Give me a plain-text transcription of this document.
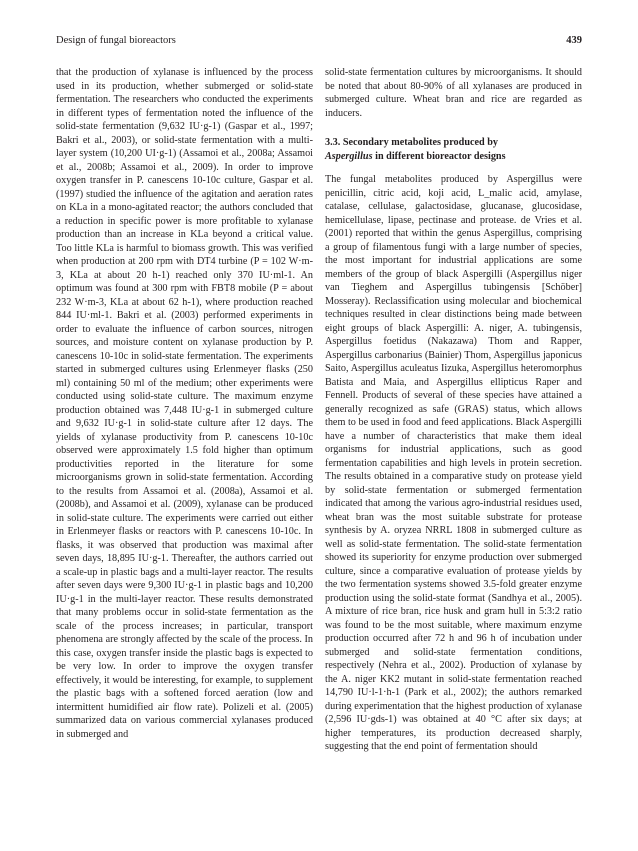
Design of fungal bioreactors	439

that the production of xylanase is influenced by the process used in its production, whether submerged or solid-state fermentation. The researchers who conducted the experiments in different types of fermentation noted the influence of the solid-state fermentation (9,632 IU·g-1) (Gaspar et al., 1997; Bakri et al., 2003), or solid-state fermentation with a multi-layer system (10,200 UI·g-1) (Assamoi et al., 2008a; Assamoi et al., 2008b; Assamoi et al., 2009). In order to improve oxygen transfer in P. canescens 10-10c culture, Gaspar et al. (1997) studied the influence of the agitation and aeration rates on KLa in a mono-agitated reactor; the authors concluded that a reduction in specific power is more profitable to xylanase production than an increase in KLa beyond a critical value. Too little KLa is harmful to biomass growth. This was verified when production at 200 rpm with DT4 turbine (P = 102 W·m-3, KLa at about 20 h-1) reached only 370 IU·ml-1. An optimum was found at 300 rpm with FBT8 mobile (P = about 232 W·m-3, KLa at about 62 h-1), where production reached 844 IU·ml-1. Bakri et al. (2003) performed experiments in order to evaluate the influence of carbon sources, nitrogen sources, and moisture content on xylanase production by P. canescens 10-10c in solid-state fermentation. The experiments started in submerged cultures using Erlenmeyer flasks (250 ml) containing 50 ml of the medium; other experiments were conducted using solid-state culture. The maximum enzyme production obtained was 7,448 IU·g-1 in submerged culture and 9,632 IU·g-1 in solid-state culture after 12 days. The yields of xylanase productivity from P. canescens 10-10c observed were approximately 1.5 fold higher than optimum productivities reported in the literature for some microorganisms grown in solid-state fermentation. According to the results from Assamoi et al. (2008a), Assamoi et al. (2008b), and Assamoi et al. (2009), xylanase can be produced in solid-state culture. The experiments were carried out either in Erlenmeyer flasks or reactors with P. canescens 10-10c. In flasks, it was observed that production was maximal after seven days, 18,895 IU·g-1. Thereafter, the authors carried out a scale-up in plastic bags and a multi-layer reactor. The results after seven days were 9,300 IU·g-1 in plastic bags and 10,200 IU·g-1 in the multi-layer reactor. These results demonstrated that many problems occur in solid-state fermentation as the scale of the process increases; in particular, transport phenomena are strongly affected by the scale of the process. In this case, oxygen transfer inside the plastic bags is expected to be very low. In order to improve the oxygen transfer effectively, it would be interesting, for example, to supplement the plastic bags with a softened forced aeration (low and intermittent humidified air flow rate). Polizeli et al. (2005) summarized data on various commercial xylanases produced in submerged and

solid-state fermentation cultures by microorganisms. It should be noted that about 80-90% of all xylanases are produced in submerged culture. Wheat bran and rice are regarded as inducers.

3.3. Secondary metabolites produced by
Aspergillus in different bioreactor designs

The fungal metabolites produced by Aspergillus were penicillin, citric acid, koji acid, L_malic acid, amylase, catalase, cellulase, galactosidase, glucanase, glucosidase, hemicellulase, lipase, pectinase and protease. de Vries et al. (2001) reported that within the genus Aspergillus, comprising a group of filamentous fungi with a large number of species, the most important for industrial applications are some members of the group of black Aspergilli (Aspergillus niger van Tieghem and Aspergillus tubingensis [Schöber] Mosseray). Reclassification using molecular and biochemical techniques resulted in clear distinctions being made between eight groups of black Aspergilli: A. niger, A. tubingensis, Aspergillus foetidus (Nakazawa) Thom and Rapper, Aspergillus carbonarius (Bainier) Thom, Aspergillus japonicus Saito, Aspergillus aculeatus Iizuka, Aspergillus heteromorphus Batista and Maia, and Aspergillus ellipticus Raper and Fennell. Products of several of these species have attained a generally recognized as safe (GRAS) status, which allows them to be used in food and feed applications. Black Aspergilli have a number of characteristics that make them ideal organisms for industrial applications, such as good fermentation capabilities and high levels in protein secretion. The results obtained in a comparative study on protease yield by solid-state fermentation or submerged fermentation indicated that among the various agro-industrial residues used, wheat bran was the most suitable substrate for protease synthesis by A. oryzea NRRL 1808 in submerged culture as well as solid-state fermentation. The solid-state fermentation showed its superiority for enzyme production over submerged culture, since a comparative evaluation of protease yields by the two fermentation systems showed 3.5-fold greater enzyme production using the solid-state format (Sandhya et al., 2005). A mixture of rice bran, rice husk and gram hull in 5:3:2 ratio was found to be the most suitable, where maximum enzyme production occurred after 72 h and 96 h of incubation under submerged and solid-state fermentation conditions, respectively (Nehra et al., 2002). Production of xylanase by the A. niger KK2 mutant in solid-state fermentation reached 14,790 IU·l-1·h-1 (Park et al., 2002); the authors remarked during experimentation that the highest production of xylanase (2,596 IU·gds-1) was obtained at 40 °C after six days; at higher temperatures, its production decreased sharply, suggesting that the end point of fermentation should
